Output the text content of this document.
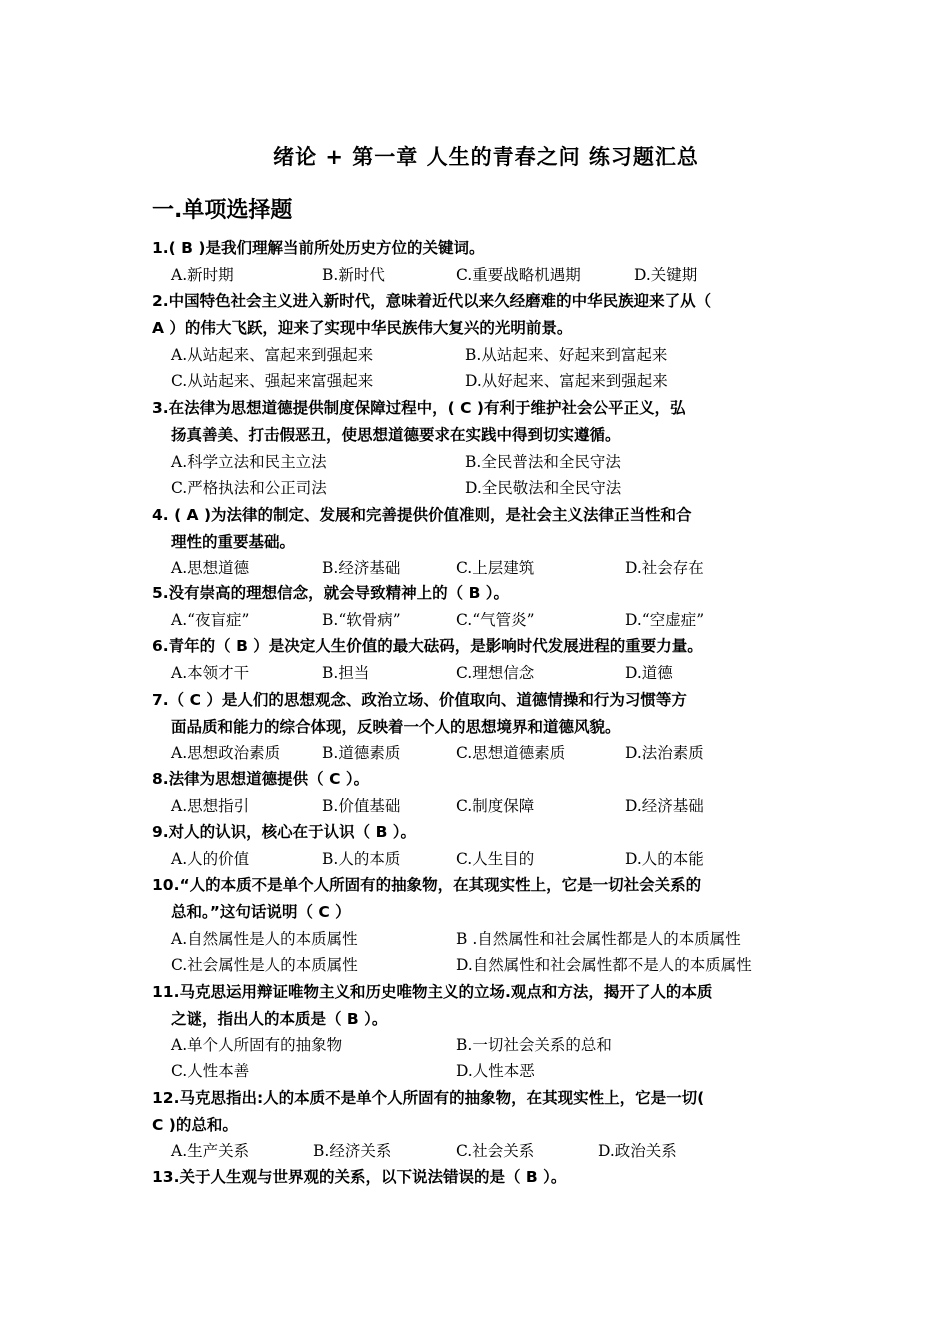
绪论 + 第一章 人生的青春之问 练习题汇总
一.单项选择题
1.( B )是我们理解当前所处历史方位的关键词。
A.新时期	B.新时代	C.重要战略机遇期	D.关键期
2.中国特色社会主义进入新时代，意味着近代以来久经磨难的中华民族迎来了从（
A ）的伟大飞跃，迎来了实现中华民族伟大复兴的光明前景。
A.从站起来、富起来到强起来	B.从站起来、好起来到富起来
C.从站起来、强起来富强起来	D.从好起来、富起来到强起来
3.在法律为思想道德提供制度保障过程中，( C )有利于维护社会公平正义，弘
扬真善美、打击假恶丑，使思想道德要求在实践中得到切实遵循。
A.科学立法和民主立法	B.全民普法和全民守法
C.严格执法和公正司法	D.全民敬法和全民守法
4. ( A )为法律的制定、发展和完善提供价值准则，是社会主义法律正当性和合
理性的重要基础。
A.思想道德	B.经济基础	C.上层建筑	D.社会存在
5.没有崇高的理想信念，就会导致精神上的（ B ）。
A.“夜盲症”	B.“软骨病”	C.“气管炎”	D.“空虚症”
6.青年的（ B ）是决定人生价值的最大砝码，是影响时代发展进程的重要力量。
A.本领才干	B.担当	C.理想信念	D.道德
7.（ C ）是人们的思想观念、政治立场、价值取向、道德情操和行为习惯等方
面品质和能力的综合体现，反映着一个人的思想境界和道德风貌。
A.思想政治素质	B.道德素质	C.思想道德素质	D.法治素质
8.法律为思想道德提供（ C ）。
A.思想指引	B.价值基础	C.制度保障	D.经济基础
9.对人的认识，核心在于认识（ B ）。
A.人的价值	B.人的本质	C.人生目的	D.人的本能
10.“人的本质不是单个人所固有的抽象物，在其现实性上，它是一切社会关系的
总和。”这句话说明（ C ）
A.自然属性是人的本质属性	B .自然属性和社会属性都是人的本质属性
C.社会属性是人的本质属性	D.自然属性和社会属性都不是人的本质属性
11.马克思运用辩证唯物主义和历史唯物主义的立场.观点和方法，揭开了人的本质
之谜，指出人的本质是（ B ）。
A.单个人所固有的抽象物	B.一切社会关系的总和
C.人性本善	D.人性本恶
12.马克思指出:人的本质不是单个人所固有的抽象物，在其现实性上，它是一切(
C )的总和。
A.生产关系	B.经济关系	C.社会关系	D.政治关系
13.关于人生观与世界观的关系，以下说法错误的是（ B ）。
